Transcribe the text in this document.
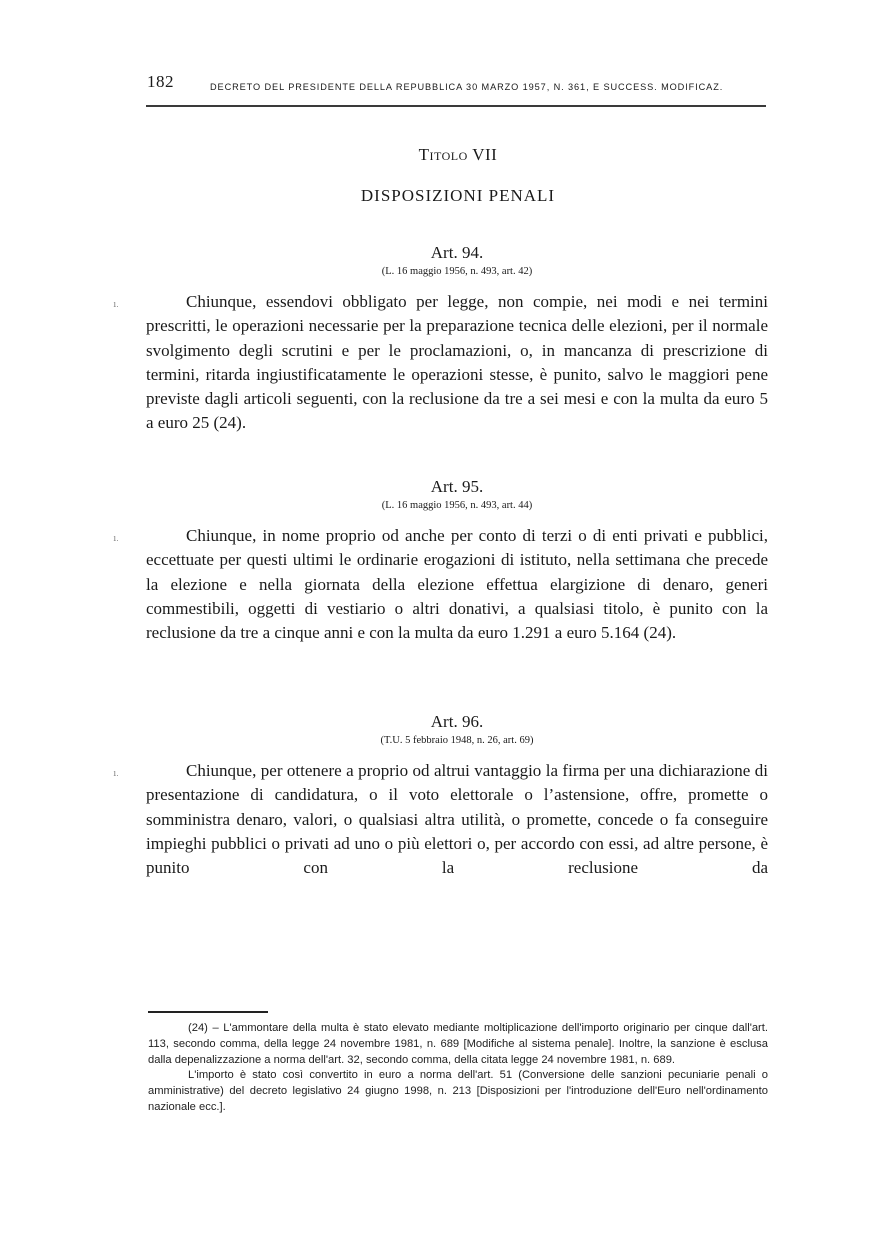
182	DECRETO DEL PRESIDENTE DELLA REPUBBLICA 30 MARZO 1957, N. 361, E SUCCESS. MODIFICAZ.
Titolo VII
DISPOSIZIONI PENALI

Art. 94.

(L. 16 maggio 1956, n. 493, art. 42)

1.	Chiunque, essendovi obbligato per legge, non compie, nei modi e nei termini prescritti, le operazioni necessarie per la preparazione tecnica delle elezioni, per il normale svolgimento degli scrutini e per le proclamazioni, o, in mancanza di prescrizione di termini, ritarda ingiustificatamente le operazioni stesse, è punito, salvo le maggiori pene previste dagli articoli seguenti, con la reclusione da tre a sei mesi e con la multa da euro 5 a euro 25 (24).

Art. 95.

(L. 16 maggio 1956, n. 493, art. 44)

1.	Chiunque, in nome proprio od anche per conto di terzi o di enti privati e pubblici, eccettuate per questi ultimi le ordinarie erogazioni di istituto, nella settimana che precede la elezione e nella giornata della elezione effettua elargizione di denaro, generi commestibili, oggetti di vestiario o altri donativi, a qualsiasi titolo, è punito con la reclusione da tre a cinque anni e con la multa da euro 1.291 a euro 5.164 (24).

Art. 96.

(T.U. 5 febbraio 1948, n. 26, art. 69)

1.	Chiunque, per ottenere a proprio od altrui vantaggio la firma per una dichiarazione di presentazione di candidatura, o il voto elettorale o l’astensione, offre, promette o somministra denaro, valori, o qualsiasi altra utilità, o promette, concede o fa conseguire impieghi pubblici o privati ad uno o più elettori o, per accordo con essi, ad altre persone, è punito con la reclusione da

(24) – L'ammontare della multa è stato elevato mediante moltiplicazione dell'importo originario per cinque dall'art. 113, secondo comma, della legge 24 novembre 1981, n. 689 [Modifiche al sistema penale]. Inoltre, la sanzione è esclusa dalla depenalizzazione a norma dell'art. 32, secondo comma, della citata legge 24 novembre 1981, n. 689.

L'importo è stato così convertito in euro a norma dell'art. 51 (Conversione delle sanzioni pecuniarie penali o amministrative) del decreto legislativo 24 giugno 1998, n. 213 [Disposizioni per l'introduzione dell'Euro nell'ordinamento nazionale ecc.].
